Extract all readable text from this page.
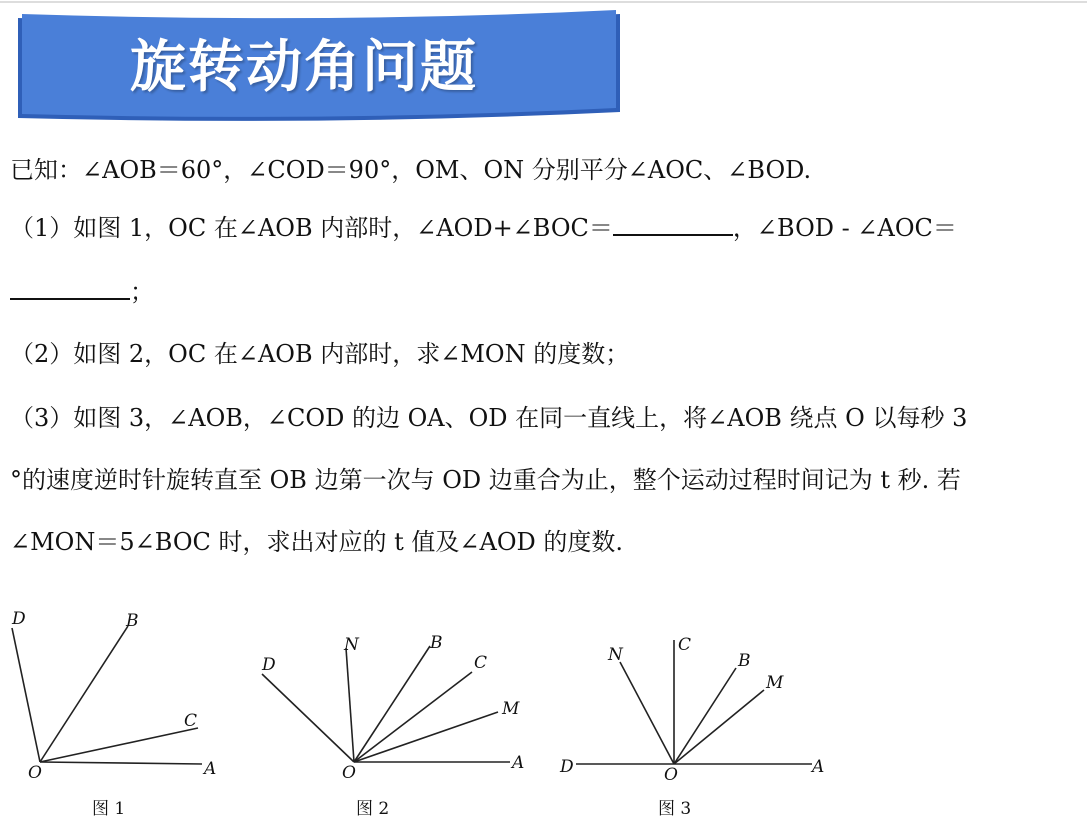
旋转动角问题
已知：∠AOB＝60°，∠COD＝90°，OM、ON 分别平分∠AOC、∠BOD.
（1）如图 1，OC 在∠AOB 内部时，∠AOD+∠BOC＝	，∠BOD - ∠AOC＝
；
（2）如图 2，OC 在∠AOB 内部时，求∠MON 的度数；
（3）如图 3，∠AOB，∠COD 的边 OA、OD 在同一直线上，将∠AOB 绕点 O 以每秒 3
°的速度逆时针旋转直至 OB 边第一次与 OD 边重合为止，整个运动过程时间记为 t 秒. 若
∠MON＝5∠BOC 时，求出对应的 t 值及∠AOD 的度数.
D	B
C
O	A
图 1
D
N	B
C
M
O	A
图 2
N	C
B
M
D	O	A
图 3
